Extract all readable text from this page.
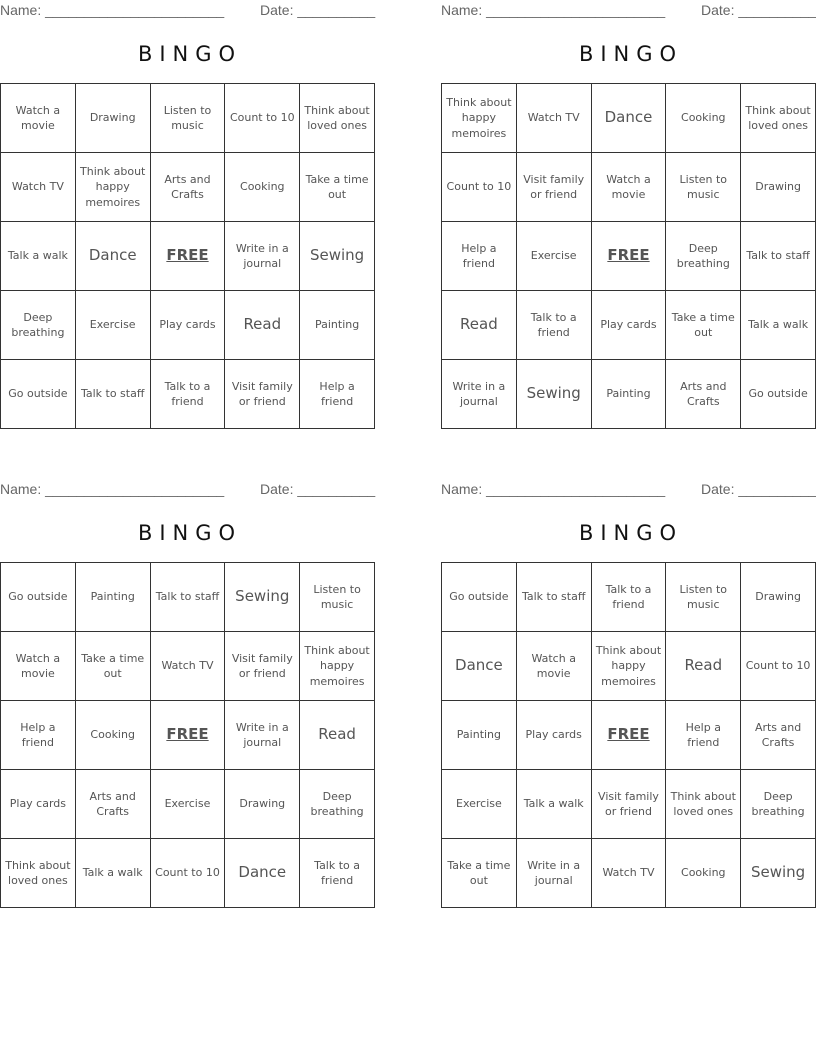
Name: _______________________	Date: __________
BINGO
Watch a movie	Drawing	Listen to music	Count to 10	Think about loved ones
Watch TV	Think about happy memoires	Arts and Crafts	Cooking	Take a time out
Talk a walk	Dance	FREE	Write in a journal	Sewing
Deep breathing	Exercise	Play cards	Read	Painting
Go outside	Talk to staff	Talk to a friend	Visit family or friend	Help a friend
Name: _______________________	Date: __________
BINGO
Think about happy memoires	Watch TV	Dance	Cooking	Think about loved ones
Count to 10	Visit family or friend	Watch a movie	Listen to music	Drawing
Help a friend	Exercise	FREE	Deep breathing	Talk to staff
Read	Talk to a friend	Play cards	Take a time out	Talk a walk
Write in a journal	Sewing	Painting	Arts and Crafts	Go outside
Name: _______________________	Date: __________
BINGO
Go outside	Painting	Talk to staff	Sewing	Listen to music
Watch a movie	Take a time out	Watch TV	Visit family or friend	Think about happy memoires
Help a friend	Cooking	FREE	Write in a journal	Read
Play cards	Arts and Crafts	Exercise	Drawing	Deep breathing
Think about loved ones	Talk a walk	Count to 10	Dance	Talk to a friend
Name: _______________________	Date: __________
BINGO
Go outside	Talk to staff	Talk to a friend	Listen to music	Drawing
Dance	Watch a movie	Think about happy memoires	Read	Count to 10
Painting	Play cards	FREE	Help a friend	Arts and Crafts
Exercise	Talk a walk	Visit family or friend	Think about loved ones	Deep breathing
Take a time out	Write in a journal	Watch TV	Cooking	Sewing
